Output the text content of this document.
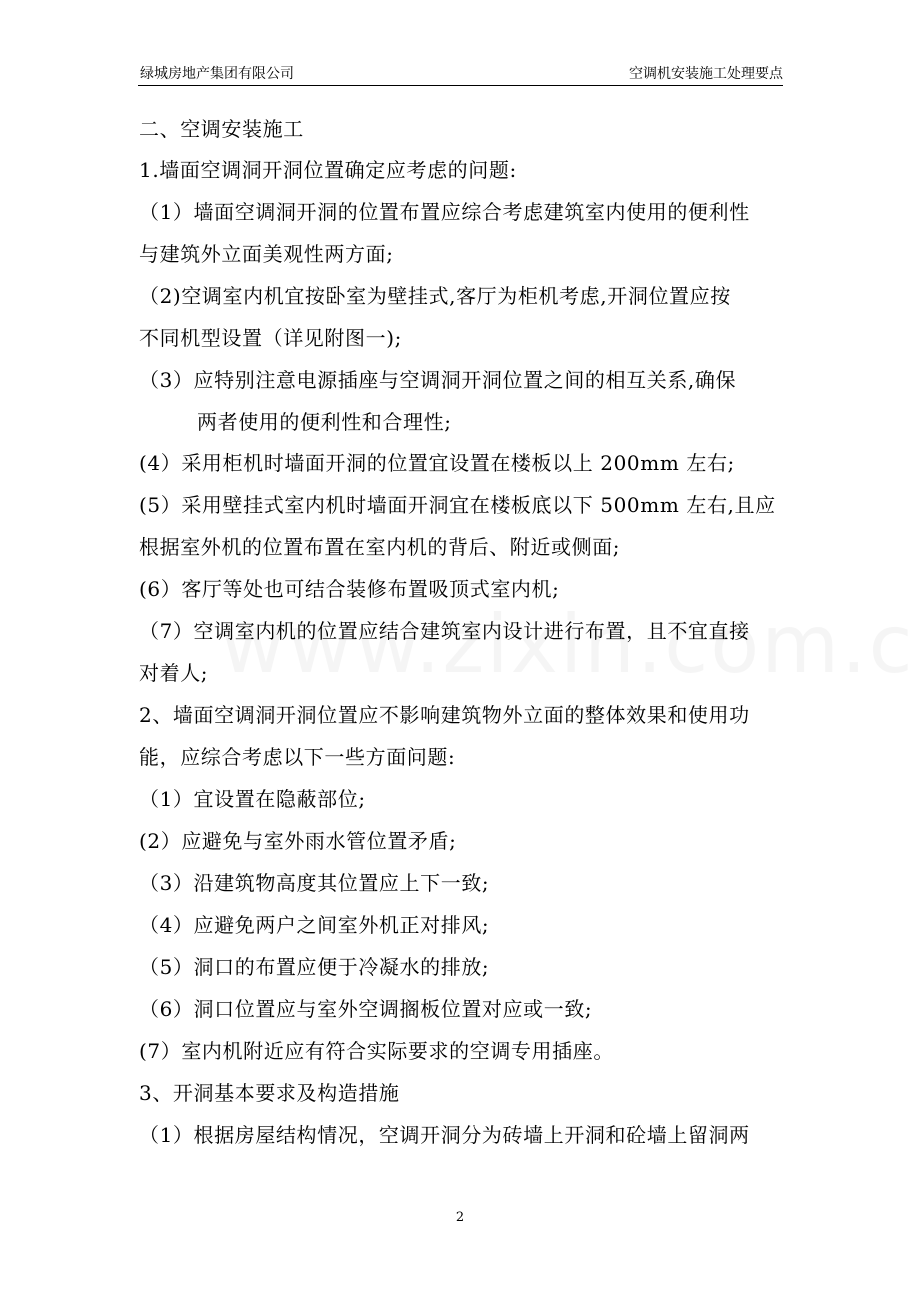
绿城房地产集团有限公司	空调机安装施工处理要点
二、空调安装施工
1.墙面空调洞开洞位置确定应考虑的问题:
（1）墙面空调洞开洞的位置布置应综合考虑建筑室内使用的便利性
与建筑外立面美观性两方面;
（2)空调室内机宜按卧室为壁挂式,客厅为柜机考虑,开洞位置应按
不同机型设置（详见附图一);
（3）应特别注意电源插座与空调洞开洞位置之间的相互关系,确保
两者使用的便利性和合理性;
(4）采用柜机时墙面开洞的位置宜设置在楼板以上 200mm 左右;
(5）采用壁挂式室内机时墙面开洞宜在楼板底以下 500mm 左右,且应
根据室外机的位置布置在室内机的背后、附近或侧面;
(6）客厅等处也可结合装修布置吸顶式室内机;
（7）空调室内机的位置应结合建筑室内设计进行布置，且不宜直接
对着人;
2、墙面空调洞开洞位置应不影响建筑物外立面的整体效果和使用功
能，应综合考虑以下一些方面问题:
（1）宜设置在隐蔽部位;
(2）应避免与室外雨水管位置矛盾;
（3）沿建筑物高度其位置应上下一致;
（4）应避免两户之间室外机正对排风;
（5）洞口的布置应便于冷凝水的排放;
（6）洞口位置应与室外空调搁板位置对应或一致;
(7）室内机附近应有符合实际要求的空调专用插座。
3、开洞基本要求及构造措施
（1）根据房屋结构情况，空调开洞分为砖墙上开洞和砼墙上留洞两
2
